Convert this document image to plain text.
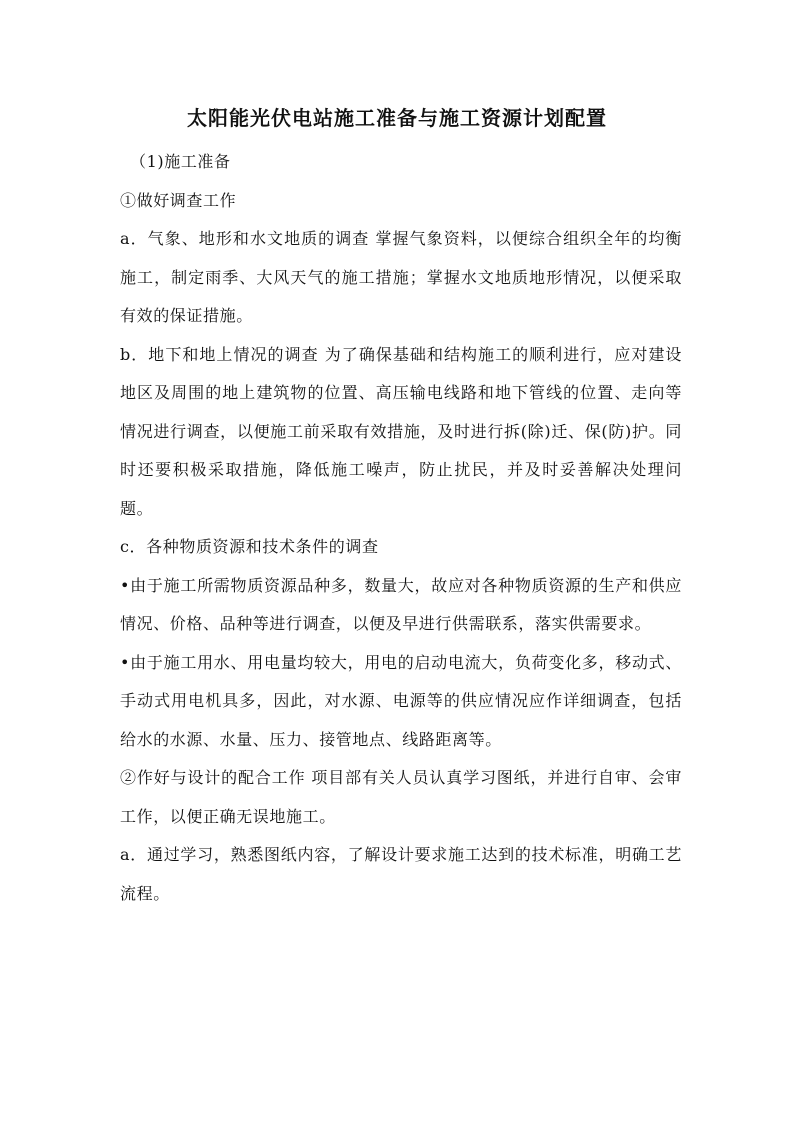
太阳能光伏电站施工准备与施工资源计划配置

（1)施工准备

①做好调查工作

a．气象、地形和水文地质的调查 掌握气象资料，以便综合组织全年的均衡施工，制定雨季、大风天气的施工措施；掌握水文地质地形情况，以便采取有效的保证措施。

b．地下和地上情况的调查 为了确保基础和结构施工的顺利进行，应对建设地区及周围的地上建筑物的位置、高压输电线路和地下管线的位置、走向等情况进行调查，以便施工前采取有效措施，及时进行拆(除)迁、保(防)护。同时还要积极采取措施，降低施工噪声，防止扰民，并及时妥善解决处理问题。

c．各种物质资源和技术条件的调查

•由于施工所需物质资源品种多，数量大，故应对各种物质资源的生产和供应情况、价格、品种等进行调查，以便及早进行供需联系，落实供需要求。

•由于施工用水、用电量均较大，用电的启动电流大，负荷变化多，移动式、手动式用电机具多，因此，对水源、电源等的供应情况应作详细调查，包括给水的水源、水量、压力、接管地点、线路距离等。

②作好与设计的配合工作 项目部有关人员认真学习图纸，并进行自审、会审工作，以便正确无误地施工。

a．通过学习，熟悉图纸内容，了解设计要求施工达到的技术标准，明确工艺流程。
